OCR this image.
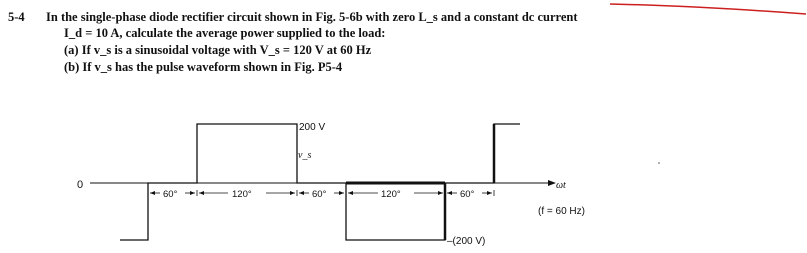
5-4 In the single-phase diode rectifier circuit shown in Fig. 5-6b with zero L_s and a constant dc current
I_d = 10 A, calculate the average power supplied to the load:
(a) If v_s is a sinusoidal voltage with V_s = 120 V at 60 Hz
(b) If v_s has the pulse waveform shown in Fig. P5-4
200 V
v_s
0	ωt
60°	120°	60°	120°	60°
(f = 60 Hz)
–(200 V)
